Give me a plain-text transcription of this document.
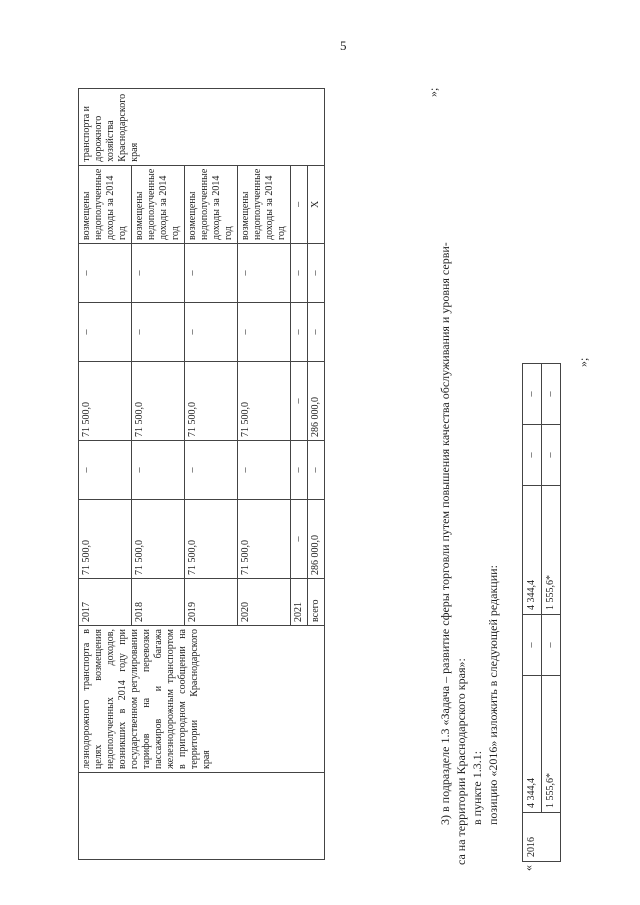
5
	лезнодорожного транспорта в целях возмещения недополученных доходов, возникших в 2014 году при государственном регулировании тарифов на перевозки пассажиров и багажа железнодорожным транспортом в пригородном сообщении на территории Краснодарского края	2017	71 500,0	–	71 500,0	–	–	возмещены недополученные доходы за 2014 год	транспорта и дорожного хозяйства Краснодарского края
		2018	71 500,0	–	71 500,0	–	–	возмещены недополученные доходы за 2014 год	
		2019	71 500,0	–	71 500,0	–	–	возмещены недополученные доходы за 2014 год	
		2020	71 500,0	–	71 500,0	–	–	возмещены недополученные доходы за 2014 год	
		2021	–	–	–	–	–	–	
		всего	286 000,0	–	286 000,0	–	–	X	
»;
3) в подразделе 1.3 «Задача – развитие сферы торговли путем повышения качества обслуживания и уровня серви- са на территории Краснодарского края»: в пункте 1.3.1: позицию «2016» изложить в следующей редакции:
«
2016	4 344,4	–	4 344,4	–	–
	1 555,6*	–	1 555,6*	–	–
»;
